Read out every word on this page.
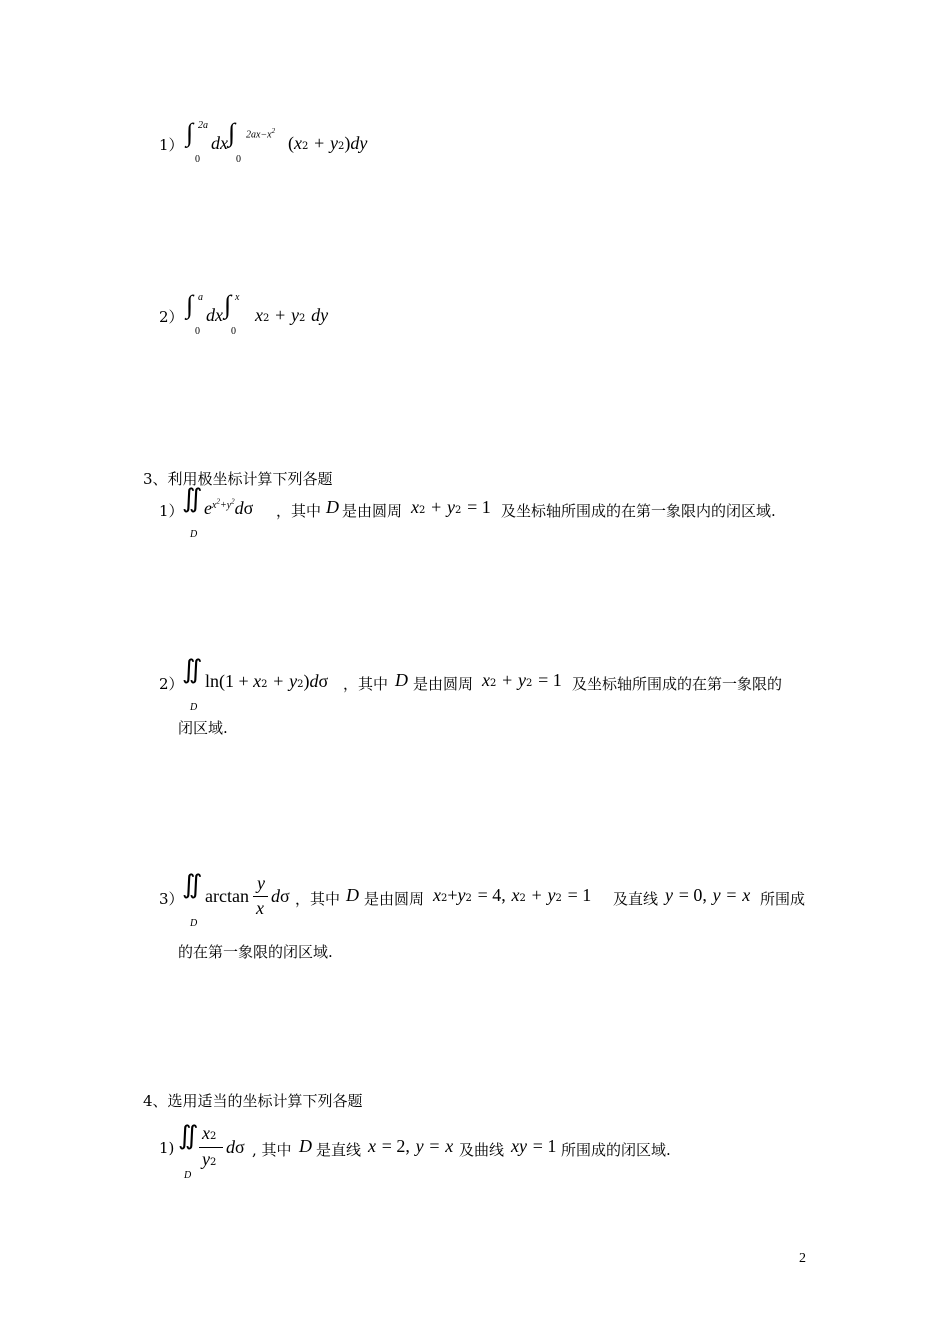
1） ∫ 2a
0
dx ∫ $2ax-x^2$
0
(x2 + y2)dy
2） ∫ a
0
dx ∫ x
0
x2 + y2 dy
3、利用极坐标计算下列各题
1）
∬
D
$e^{x^2+y^2}d\sigma$ ，其中 D 是由圆周 x2 + y2 = 1 及坐标轴所围成的在第一象限内的闭区域.
2）
∬
D
ln(1 + x2 + y2)dσ ，其中 D 是由圆周 x2 + y2 = 1 及坐标轴所围成的在第一象限的
闭区域.
3）
∬
D
arctan
y
x
dσ ，其中 D 是由圆周 x2+y2 = 4, x2 + y2 = 1 及直线 y = 0, y = x 所围成
的在第一象限的闭区域.
4、选用适当的坐标计算下列各题
1) ∬
D
x2
y2
dσ , 其中 D 是直线 x = 2, y = x 及曲线 xy = 1 所围成的闭区域.
2
